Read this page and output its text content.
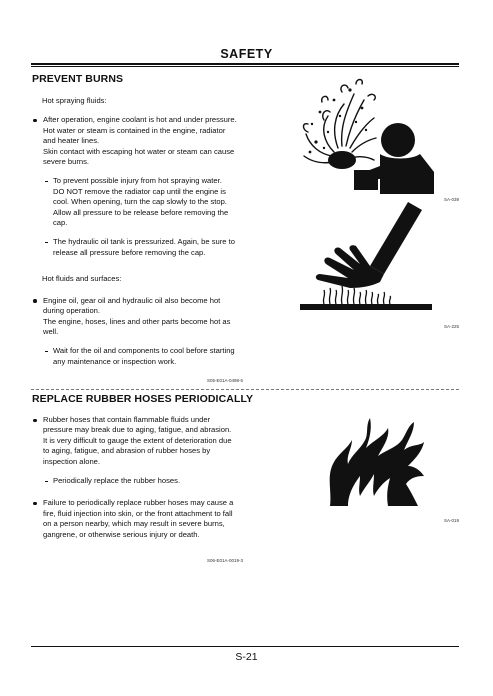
SAFETY
PREVENT BURNS
Hot spraying fluids:
After operation, engine coolant is hot and under pressure.
Hot water or steam is contained in the engine, radiator
and heater lines.
Skin contact with escaping hot water or steam can cause
severe burns.
To prevent possible injury from hot spraying water.
DO NOT remove the radiator cap until the engine is
cool. When opening, turn the cap slowly to the stop.
Allow all pressure to be release before removing the
cap.
The hydraulic oil tank is pressurized. Again, be sure to
release all pressure before removing the cap.
Hot fluids and surfaces:
Engine oil, gear oil and hydraulic oil also become hot
during operation.
The engine, hoses, lines and other parts become hot as
well.
Wait for the oil and components to cool before starting
any maintenance or inspection work.
S05-E01A-0498-5
SA-039
SA-225
REPLACE RUBBER HOSES PERIODICALLY
Rubber hoses that contain flammable fluids under
pressure may break due to aging, fatigue, and abrasion.
It is very difficult to gauge the extent of deterioration due
to aging, fatigue, and abrasion of rubber hoses by
inspection alone.
Periodically replace the rubber hoses.
Failure to periodically replace rubber hoses may cause a
fire, fluid injection into skin, or the front attachment to fall
on a person nearby, which may result in severe burns,
gangrene, or otherwise serious injury or death.
S06-E01A-0019-3
SA-019
S-21
